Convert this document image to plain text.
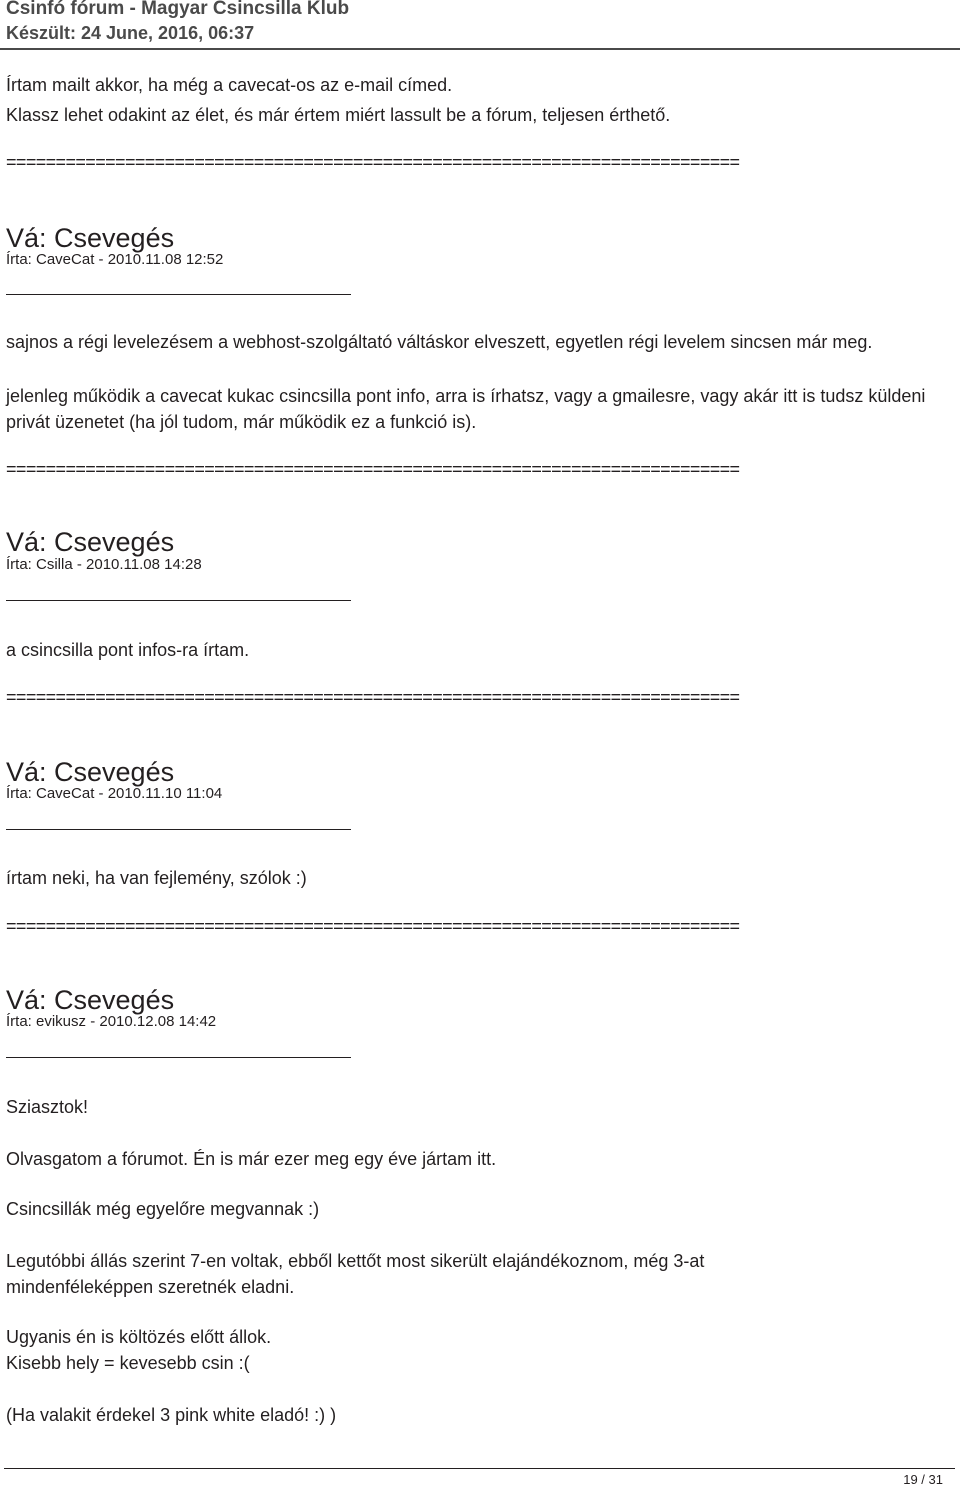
Csinfó fórum - Magyar Csincsilla Klub
Készült: 24 June, 2016, 06:37
Írtam mailt akkor, ha még a cavecat-os az e-mail címed.
Klassz lehet odakint az élet, és már értem miért lassult be a fórum, teljesen érthető.
==========================================================================
Vá: Csevegés
Írta: CaveCat - 2010.11.08 12:52
sajnos a régi levelezésem a webhost-szolgáltató váltáskor elveszett, egyetlen régi levelem sincsen már meg.
jelenleg működik a cavecat kukac csincsilla pont info, arra is írhatsz, vagy a gmailesre, vagy akár itt is tudsz küldeni privát üzenetet (ha jól tudom, már működik ez a funkció is).
==========================================================================
Vá: Csevegés
Írta: Csilla - 2010.11.08 14:28
a csincsilla pont infos-ra írtam.
==========================================================================
Vá: Csevegés
Írta: CaveCat - 2010.11.10 11:04
írtam neki, ha van fejlemény, szólok :)
==========================================================================
Vá: Csevegés
Írta: evikusz - 2010.12.08 14:42
Sziasztok!
Olvasgatom a fórumot. Én is már ezer meg egy éve jártam itt.
Csincsillák még egyelőre megvannak :)
Legutóbbi állás szerint 7-en voltak, ebből kettőt most sikerült elajándékoznom, még 3-at mindenféleképpen szeretnék eladni.
Ugyanis én is költözés előtt állok.
Kisebb hely = kevesebb csin :(
(Ha valakit érdekel 3 pink white eladó! :) )
19 / 31
